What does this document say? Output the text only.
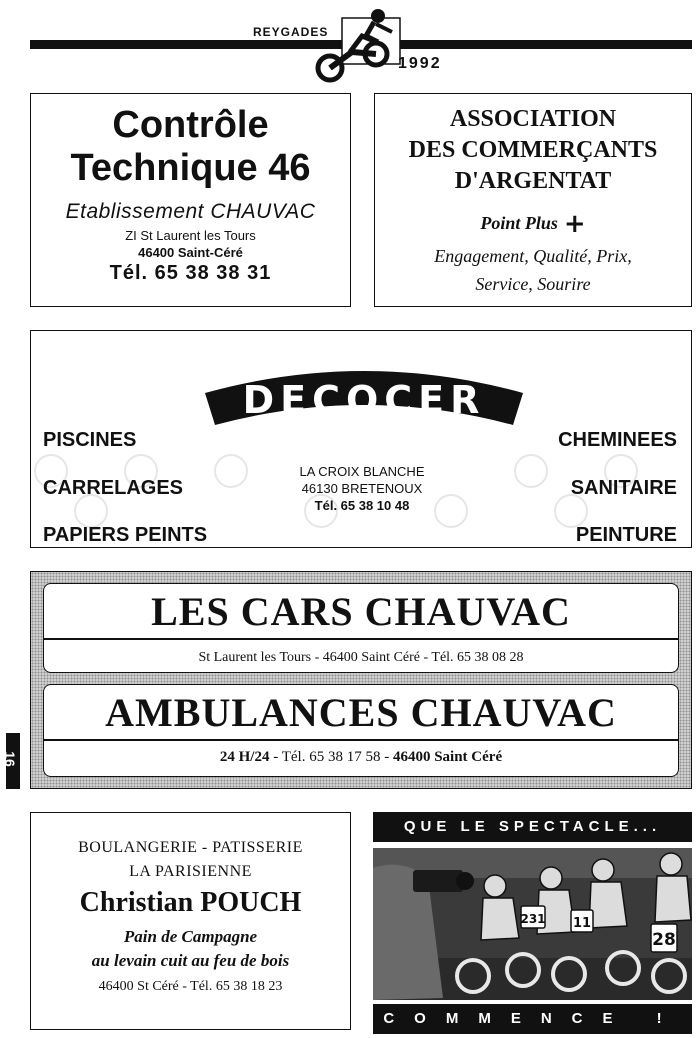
REYGADES
1992
Contrôle
Technique 46
Etablissement CHAUVAC
ZI St Laurent les Tours
46400 Saint-Céré
Tél. 65 38 38 31
ASSOCIATION
DES COMMERÇANTS
D'ARGENTAT
Point Plus +
Engagement, Qualité, Prix,
Service, Sourire
DECOCER
PISCINES
CARRELAGES
PAPIERS PEINTS
CHEMINEES
SANITAIRE
PEINTURE
LA CROIX BLANCHE
46130 BRETENOUX
Tél. 65 38 10 48
LES CARS CHAUVAC
St Laurent les Tours - 46400 Saint Céré - Tél. 65 38 08 28
AMBULANCES CHAUVAC
24 H/24 - Tél. 65 38 17 58 - 46400 Saint Céré
16
BOULANGERIE - PATISSERIE
LA PARISIENNE
Christian POUCH
Pain de Campagne
au levain cuit au feu de bois
46400 St Céré - Tél. 65 38 18 23
QUE LE SPECTACLE...
231 11
28
COMMENCE !
